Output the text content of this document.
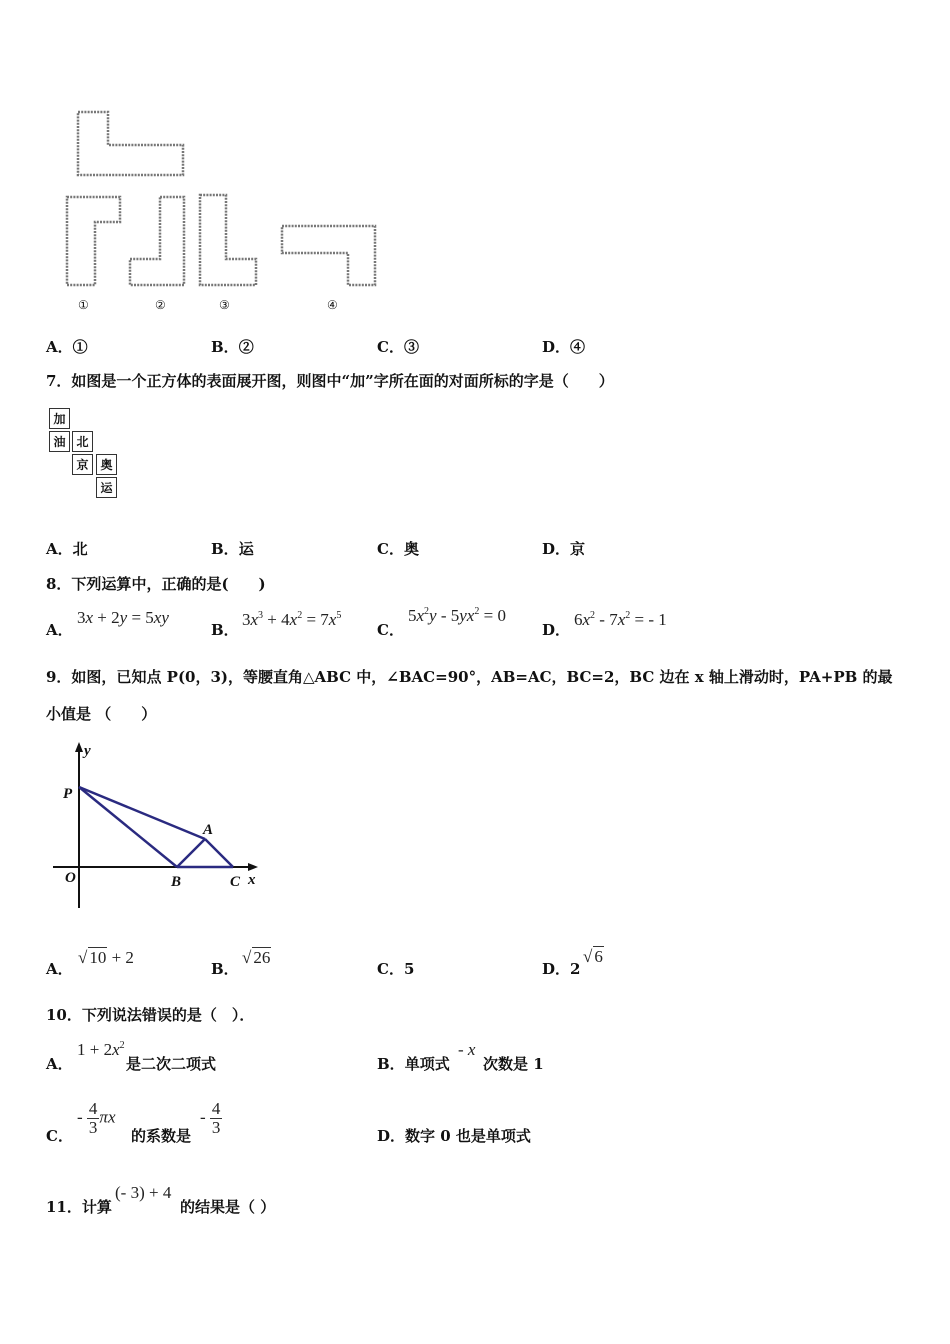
①	②	③	④
A．①	B．②	C．③	D．④
7．如图是一个正方体的表面展开图，则图中“加”字所在面的对面所标的字是（　　）
加
油 北
京 奥
运
A．北	B．运	C．奥	D．京
8．下列运算中，正确的是(　　)
A．
3x + 2y = 5xy
B．
$3x^3 + 4x^2 = 7x^5$
C．
$5x^2y - 5yx^2 = 0$
D．
$6x^2 - 7x^2$ = - 1
9．如图，已知点 P(0，3)，等腰直角△ABC 中，∠BAC=90°，AB=AC，BC=2，BC 边在 x 轴上滑动时，PA+PB 的最
小值是 （　　）
y
P
A
O	B	C x
A．
√ 10 + 2
B．
√ 26
C．5	D．2
√ 6
10．下列说法错误的是（　）．
A．
$1 + 2x^2$
是二次二项式	B．单项式
- x
次数是 1
C．
- $\frac{4}{3}$ πx
的系数是
- $\frac{4}{3}$	D．数字 0 也是单项式
11．计算
(- 3) + 4
的结果是（ ）
